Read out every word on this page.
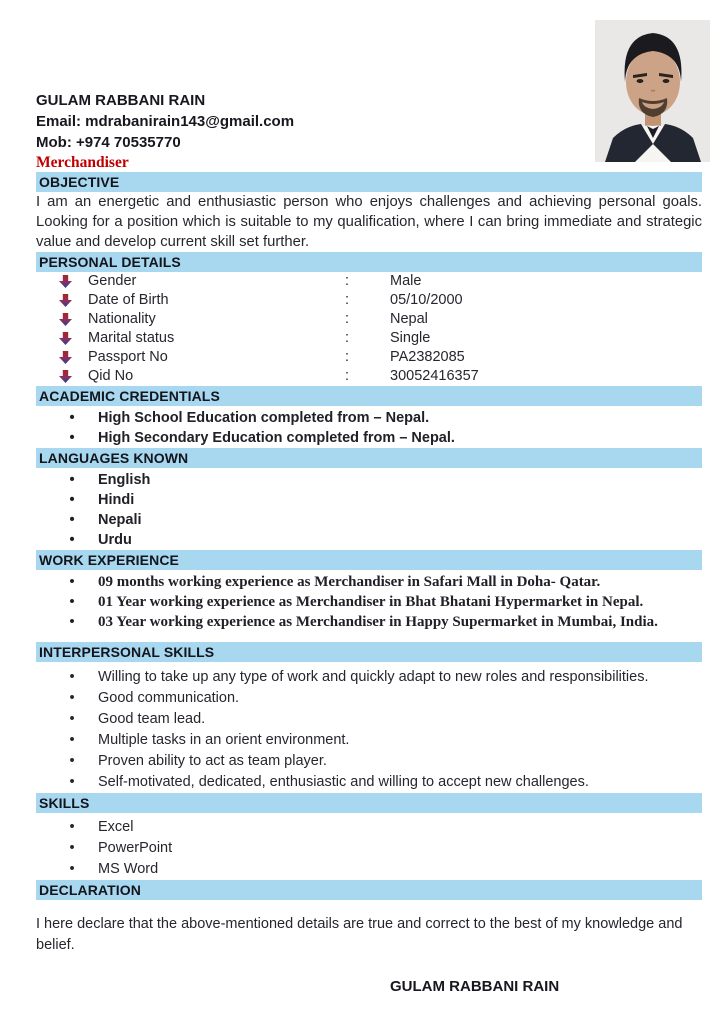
GULAM RABBANI RAIN
Email: mdrabanirain143@gmail.com
Mob: +974 70535770
Merchandiser
OBJECTIVE

I am an energetic and enthusiastic person who enjoys challenges and achieving personal goals. Looking for a position which is suitable to my qualification, where I can bring immediate and strategic value and develop current skill set further.

PERSONAL DETAILS
Gender	:	Male
Date of Birth	:	05/10/2000
Nationality	:	Nepal
Marital status	:	Single
Passport No	:	PA2382085
Qid No	:	30052416357
ACADEMIC CREDENTIALS
• High School Education completed from – Nepal.
• High Secondary Education completed from – Nepal.
LANGUAGES KNOWN
• English
• Hindi
• Nepali
• Urdu
WORK EXPERIENCE
• 09 months working experience as Merchandiser in Safari Mall in Doha- Qatar.
• 01 Year working experience as Merchandiser in Bhat Bhatani Hypermarket in Nepal.
• 03 Year working experience as Merchandiser in Happy Supermarket in Mumbai, India.
INTERPERSONAL SKILLS
• Willing to take up any type of work and quickly adapt to new roles and responsibilities.
• Good communication.
• Good team lead.
• Multiple tasks in an orient environment.
• Proven ability to act as team player.
• Self-motivated, dedicated, enthusiastic and willing to accept new challenges.
SKILLS
• Excel
• PowerPoint
• MS Word
DECLARATION

I here declare that the above-mentioned details are true and correct to the best of my knowledge and belief.

GULAM RABBANI RAIN
